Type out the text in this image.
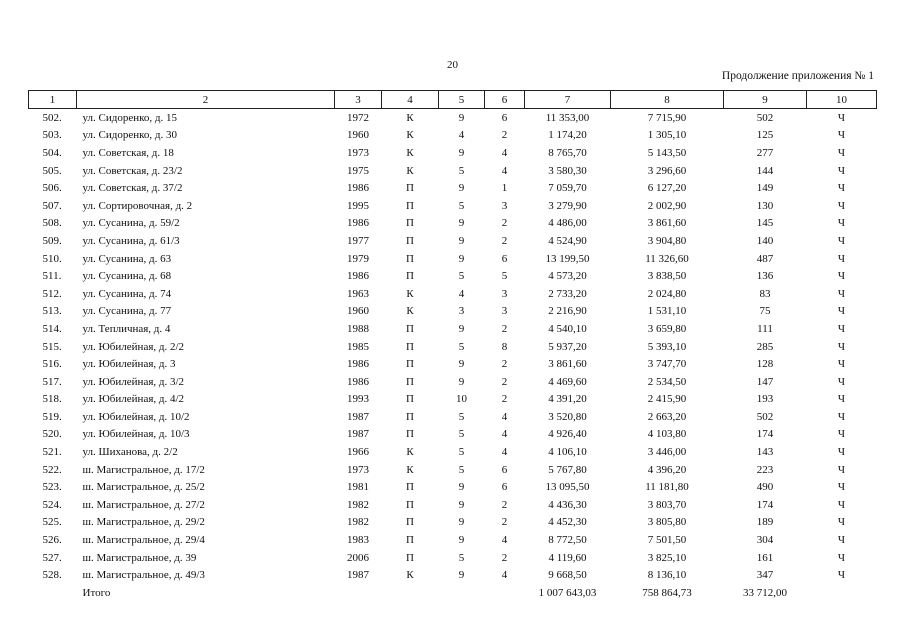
20
Продолжение приложения № 1
1	2	3	4	5	6	7	8	9	10
502.	ул. Сидоренко, д. 15	1972	К	9	6	11 353,00	7 715,90	502	Ч
503.	ул. Сидоренко, д. 30	1960	К	4	2	1 174,20	1 305,10	125	Ч
504.	ул. Советская, д. 18	1973	К	9	4	8 765,70	5 143,50	277	Ч
505.	ул. Советская, д. 23/2	1975	К	5	4	3 580,30	3 296,60	144	Ч
506.	ул. Советская, д. 37/2	1986	П	9	1	7 059,70	6 127,20	149	Ч
507.	ул. Сортировочная, д. 2	1995	П	5	3	3 279,90	2 002,90	130	Ч
508.	ул. Сусанина, д. 59/2	1986	П	9	2	4 486,00	3 861,60	145	Ч
509.	ул. Сусанина, д. 61/3	1977	П	9	2	4 524,90	3 904,80	140	Ч
510.	ул. Сусанина, д. 63	1979	П	9	6	13 199,50	11 326,60	487	Ч
511.	ул. Сусанина, д. 68	1986	П	5	5	4 573,20	3 838,50	136	Ч
512.	ул. Сусанина, д. 74	1963	К	4	3	2 733,20	2 024,80	83	Ч
513.	ул. Сусанина, д. 77	1960	К	3	3	2 216,90	1 531,10	75	Ч
514.	ул. Тепличная, д. 4	1988	П	9	2	4 540,10	3 659,80	111	Ч
515.	ул. Юбилейная, д. 2/2	1985	П	5	8	5 937,20	5 393,10	285	Ч
516.	ул. Юбилейная, д. 3	1986	П	9	2	3 861,60	3 747,70	128	Ч
517.	ул. Юбилейная, д. 3/2	1986	П	9	2	4 469,60	2 534,50	147	Ч
518.	ул. Юбилейная, д. 4/2	1993	П	10	2	4 391,20	2 415,90	193	Ч
519.	ул. Юбилейная, д. 10/2	1987	П	5	4	3 520,80	2 663,20	502	Ч
520.	ул. Юбилейная, д. 10/3	1987	П	5	4	4 926,40	4 103,80	174	Ч
521.	ул. Шиханова, д. 2/2	1966	К	5	4	4 106,10	3 446,00	143	Ч
522.	ш. Магистральное, д. 17/2	1973	К	5	6	5 767,80	4 396,20	223	Ч
523.	ш. Магистральное, д. 25/2	1981	П	9	6	13 095,50	11 181,80	490	Ч
524.	ш. Магистральное, д. 27/2	1982	П	9	2	4 436,30	3 803,70	174	Ч
525.	ш. Магистральное, д. 29/2	1982	П	9	2	4 452,30	3 805,80	189	Ч
526.	ш. Магистральное, д. 29/4	1983	П	9	4	8 772,50	7 501,50	304	Ч
527.	ш. Магистральное, д. 39	2006	П	5	2	4 119,60	3 825,10	161	Ч
528.	ш. Магистральное, д. 49/3	1987	К	9	4	9 668,50	8 136,10	347	Ч
	Итого					1 007 643,03	758 864,73	33 712,00	
